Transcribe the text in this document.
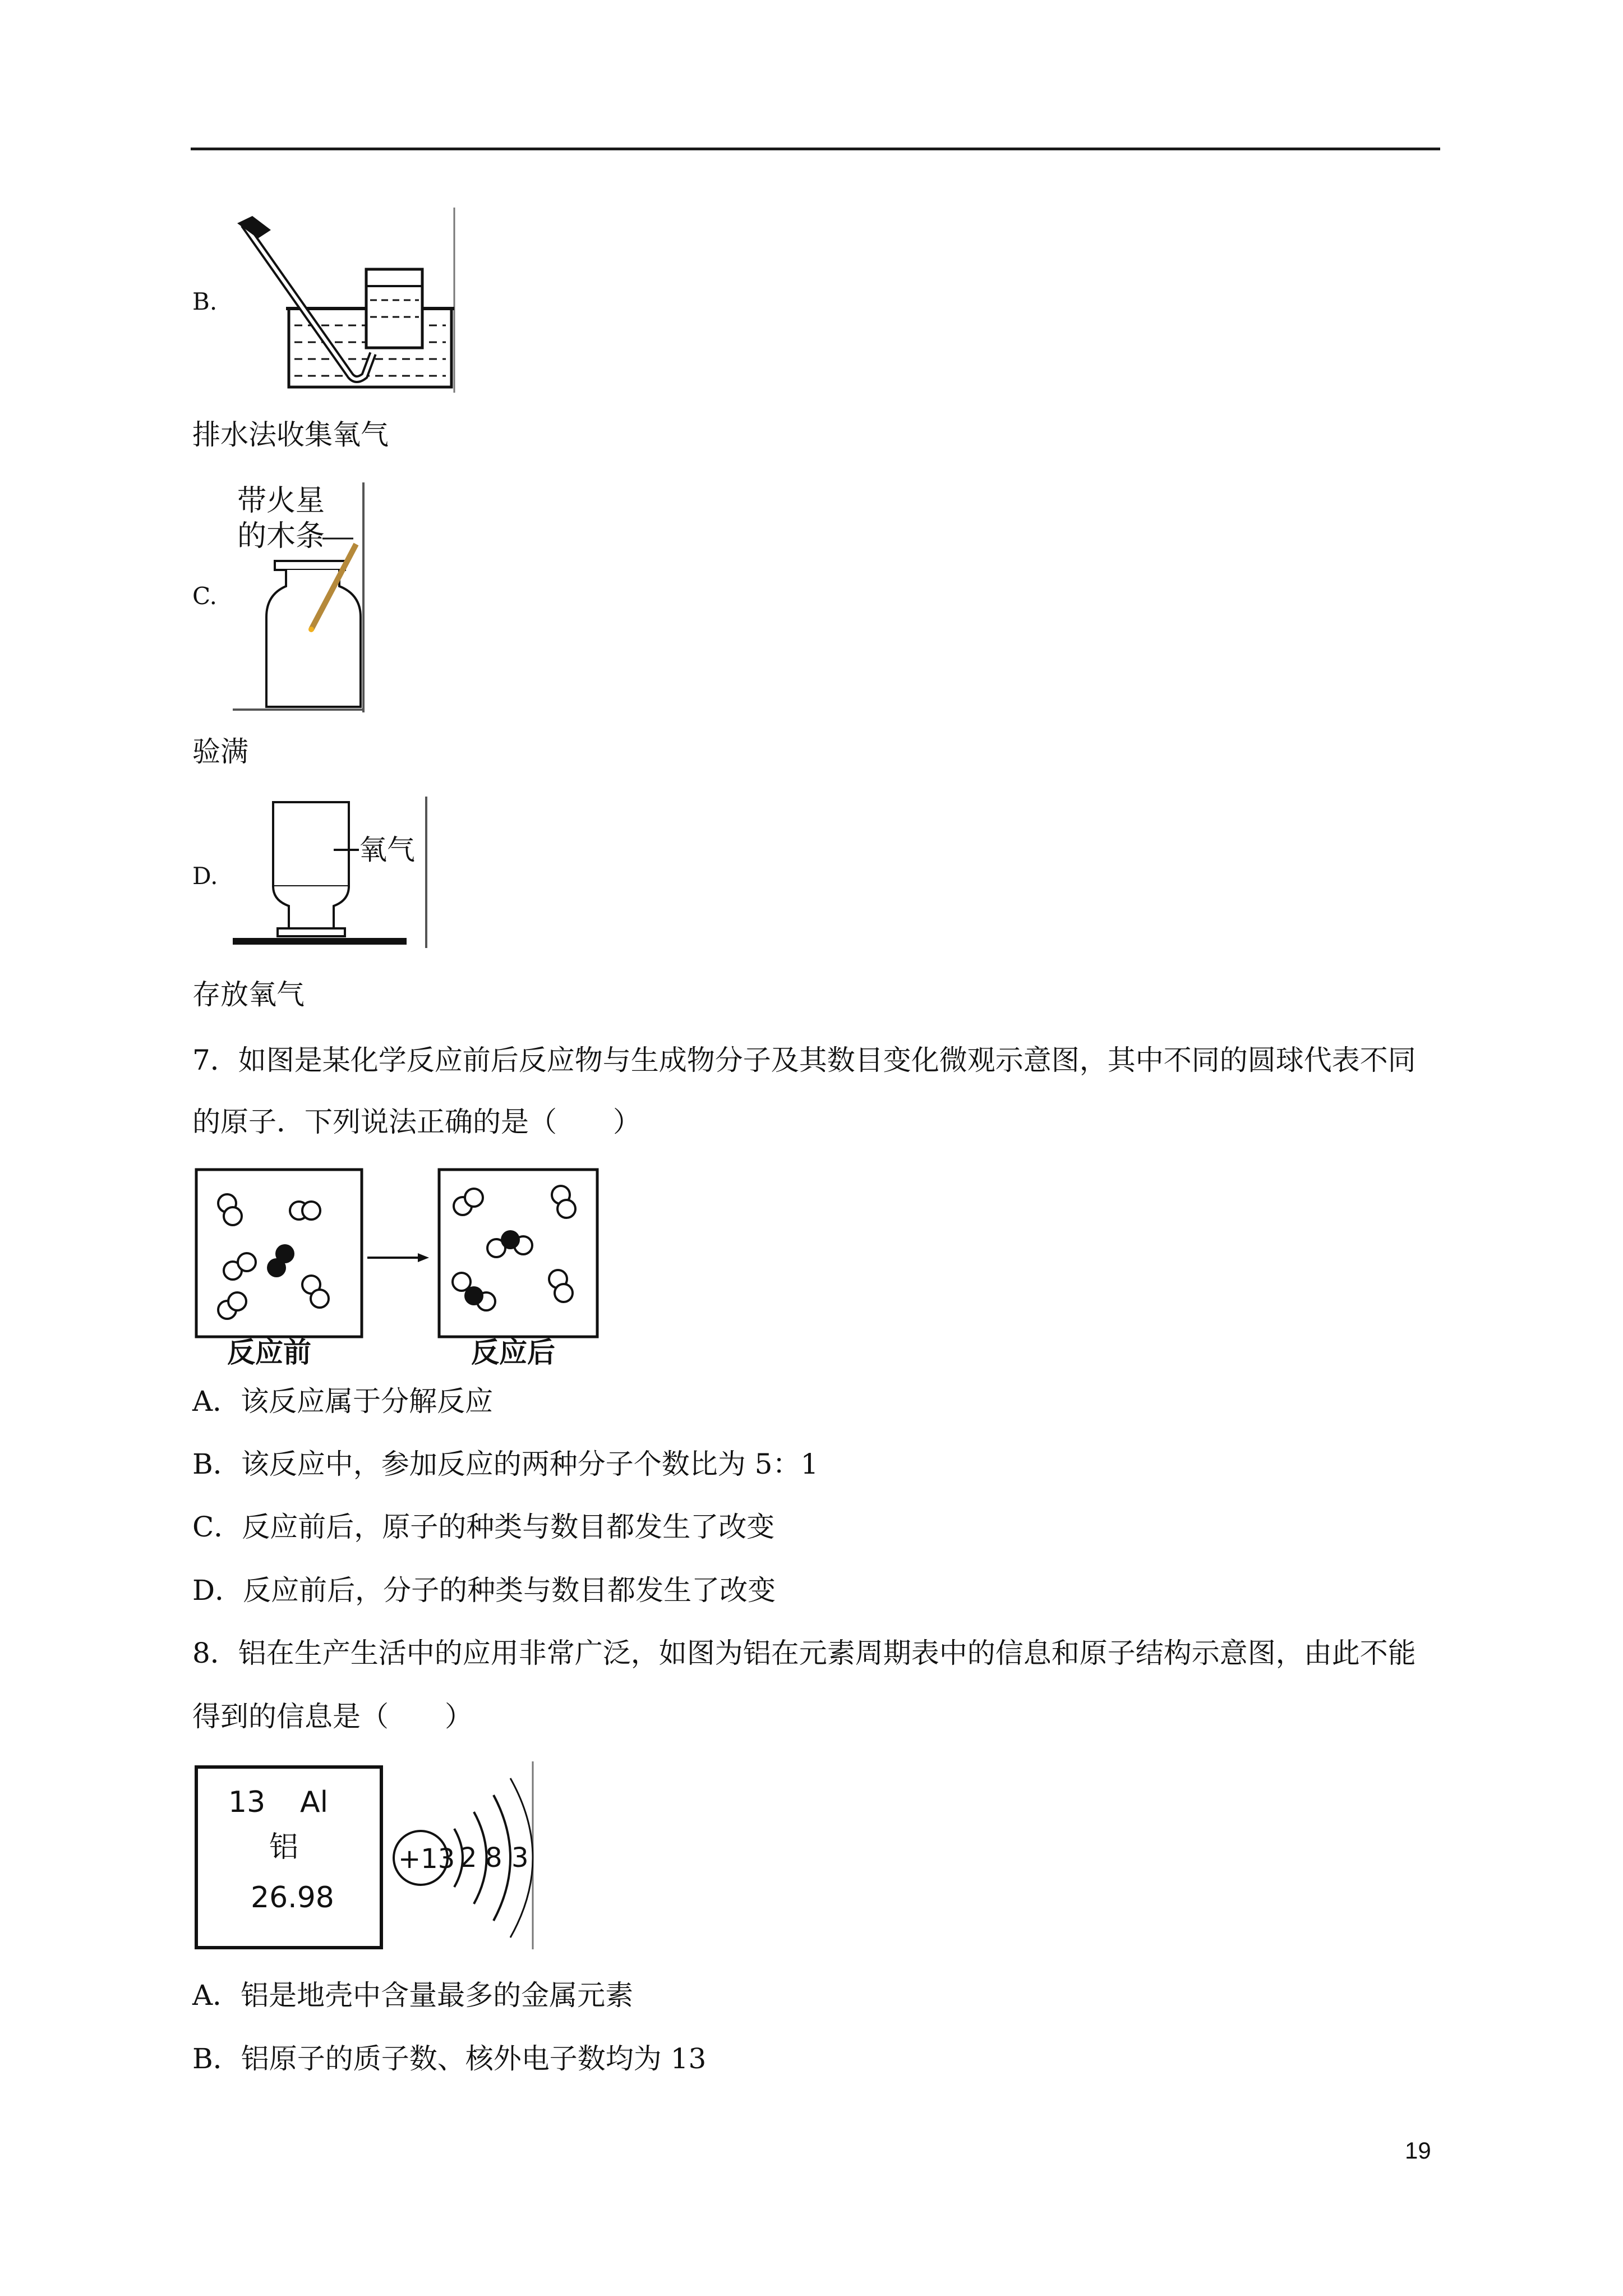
B.
排水法收集氧气
C.
带火星
的木条
验满
D.
氧气
存放氧气
7．如图是某化学反应前后反应物与生成物分子及其数目变化微观示意图，其中不同的圆球代表不同
的原子．下列说法正确的是（　　）
反应前	反应后
A．该反应属于分解反应
B．该反应中，参加反应的两种分子个数比为 5：1
C．反应前后，原子的种类与数目都发生了改变
D．反应前后，分子的种类与数目都发生了改变
8．铝在生产生活中的应用非常广泛，如图为铝在元素周期表中的信息和原子结构示意图，由此不能
得到的信息是（　　）
13 Al
铝
26.98
+13 2 8 3
A．铝是地壳中含量最多的金属元素
B．铝原子的质子数、核外电子数均为 13
19
